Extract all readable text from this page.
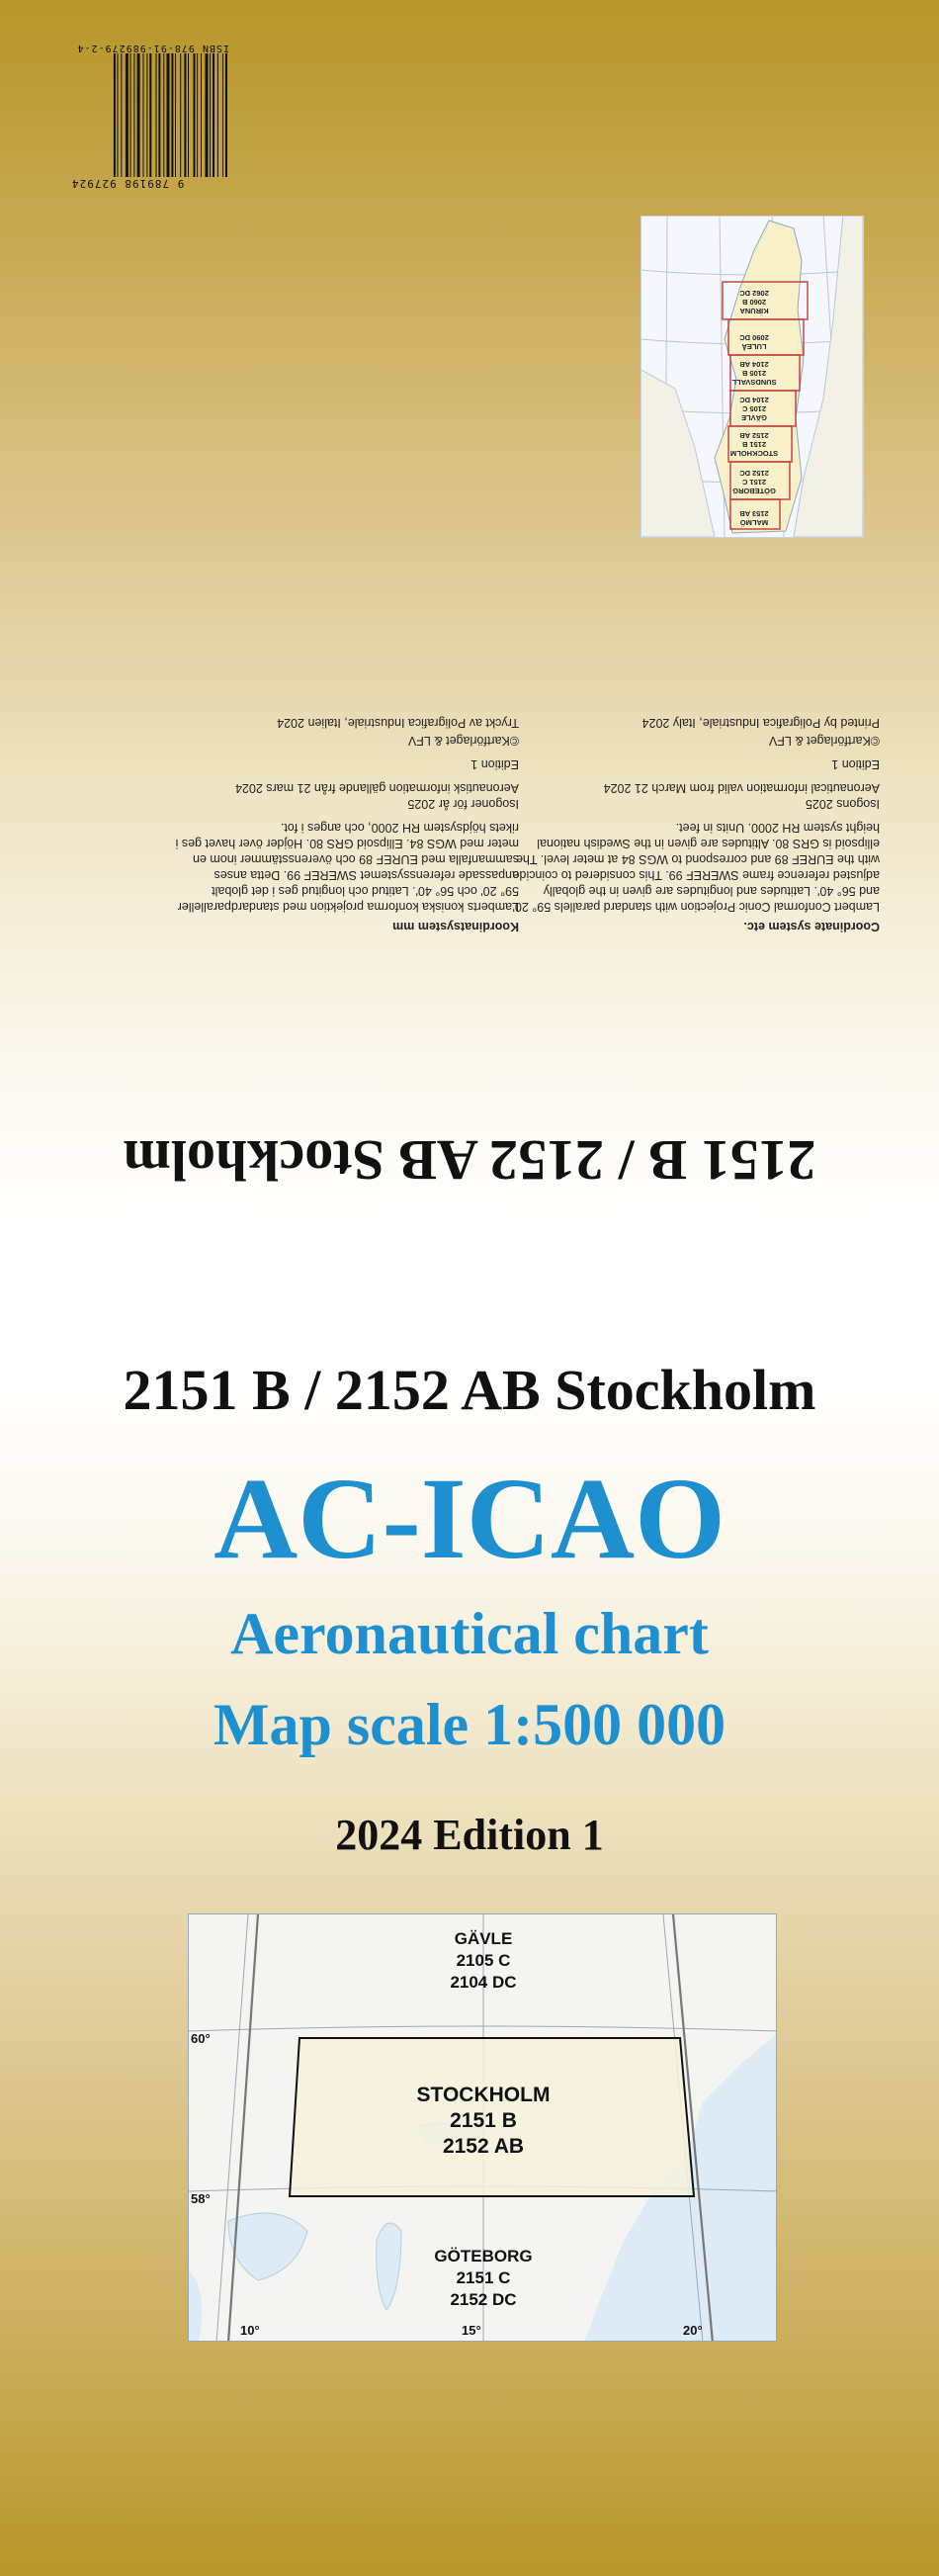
9 789198 927924
ISBN 978-91-989279-2-4
MALMÖ
2153 AB
GÖTEBORG
2151 C
2152 DC
STOCKHOLM
2151 B
2152 AB
GÄVLE
2105 C
2104 DC
SUNDSVALL
2105 B
2104 AB
LULEÅ
2090 DC
KIRUNA
2060 B
2062 DC
Coordinate system etc.

Lambert Conformal Conic Projection with standard parallels 59° 20' and 56° 40'. Latitudes and longitudes are given in the globally adjusted reference frame SWEREF 99. This considered to coincide with the EUREF 89 and correspond to WGS 84 at meter level. The ellipsoid is GRS 80. Altitudes are given in the Swedish national height system RH 2000. Units in feet.

Isogons 2025

Aeronautical information valid from March 21 2024

Edition 1

©Kartförlaget & LFV

Printed by Poligrafica Industriale, Italy 2024

Koordinatsystem mm

Lamberts koniska konforma projektion med standardparalleller 59° 20' och 56° 40'. Latitud och longitud ges i det globalt anpassade referenssystemet SWEREF 99. Detta anses sammanfalla med EUREF 89 och överensstämmer inom en meter med WGS 84. Ellipsoid GRS 80. Höjder över havet ges i rikets höjdsystem RH 2000, och anges i fot.

Isogoner för år 2025

Aeronautisk information gällande från 21 mars 2024

Edition 1

©Kartförlaget & LFV

Tryckt av Poligrafica Industriale, Italien 2024

2151 B / 2152 AB Stockholm
2151 B / 2152 AB Stockholm
AC-ICAO
Aeronautical chart
Map scale 1:500 000
2024 Edition 1
GÄVLE
2105 C
2104 DC
STOCKHOLM
2151 B
2152 AB
GÖTEBORG
2151 C
2152 DC
60°
58°
10°	15°	20°
